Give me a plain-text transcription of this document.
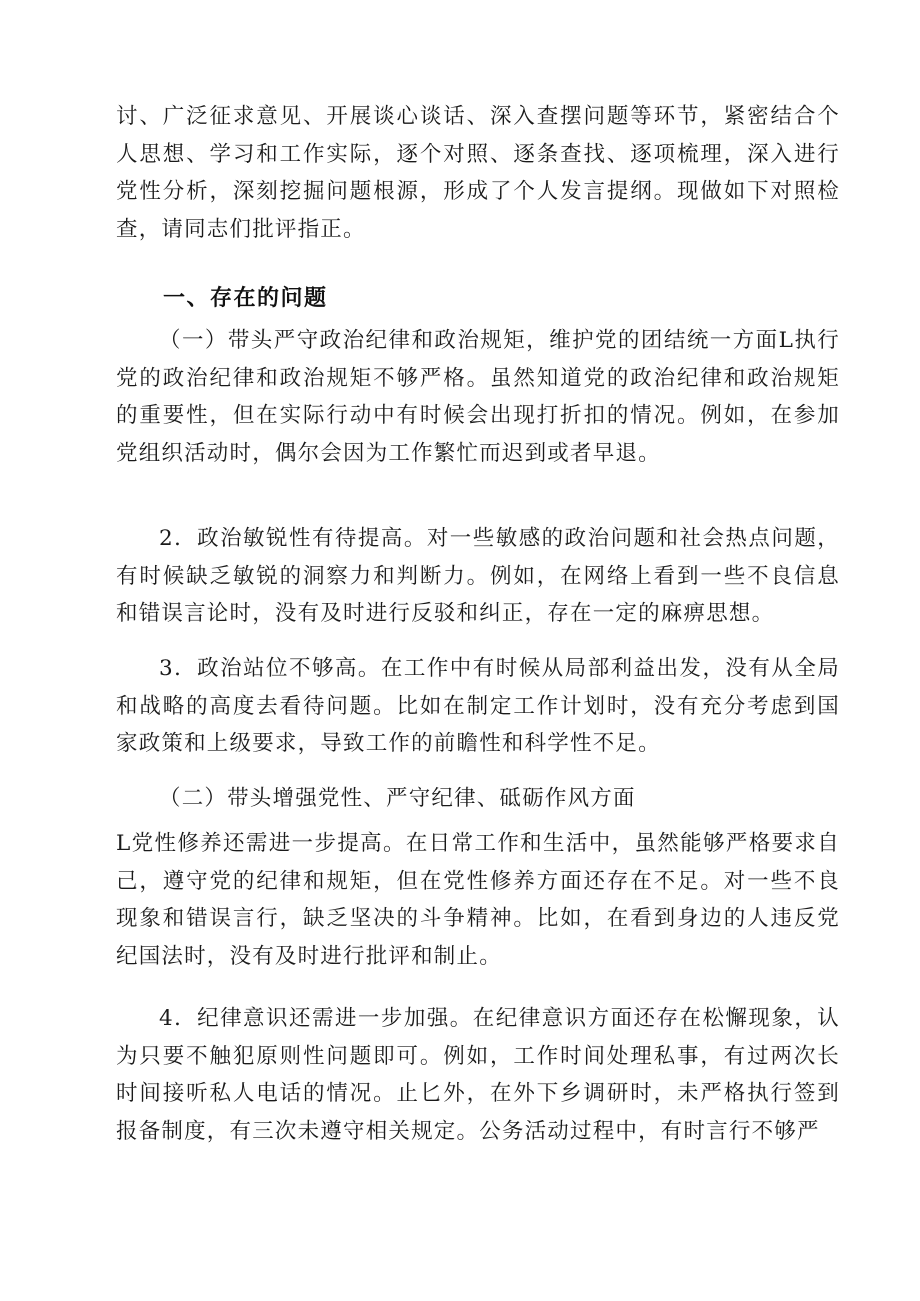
讨、广泛征求意见、开展谈心谈话、深入查摆问题等环节，紧密结合个人思想、学习和工作实际，逐个对照、逐条查找、逐项梳理，深入进行党性分析，深刻挖掘问题根源，形成了个人发言提纲。现做如下对照检查，请同志们批评指正。

一、存在的问题

（一）带头严守政治纪律和政治规矩，维护党的团结统一方面L执行党的政治纪律和政治规矩不够严格。虽然知道党的政治纪律和政治规矩的重要性，但在实际行动中有时候会出现打折扣的情况。例如，在参加党组织活动时，偶尔会因为工作繁忙而迟到或者早退。

2．政治敏锐性有待提高。对一些敏感的政治问题和社会热点问题，有时候缺乏敏锐的洞察力和判断力。例如，在网络上看到一些不良信息和错误言论时，没有及时进行反驳和纠正，存在一定的麻痹思想。

3．政治站位不够高。在工作中有时候从局部利益出发，没有从全局和战略的高度去看待问题。比如在制定工作计划时，没有充分考虑到国家政策和上级要求，导致工作的前瞻性和科学性不足。

（二）带头增强党性、严守纪律、砥砺作风方面

L党性修养还需进一步提高。在日常工作和生活中，虽然能够严格要求自己，遵守党的纪律和规矩，但在党性修养方面还存在不足。对一些不良现象和错误言行，缺乏坚决的斗争精神。比如，在看到身边的人违反党纪国法时，没有及时进行批评和制止。

4．纪律意识还需进一步加强。在纪律意识方面还存在松懈现象，认为只要不触犯原则性问题即可。例如，工作时间处理私事，有过两次长时间接听私人电话的情况。止匕外，在外下乡调研时，未严格执行签到报备制度，有三次未遵守相关规定。公务活动过程中，有时言行不够严
